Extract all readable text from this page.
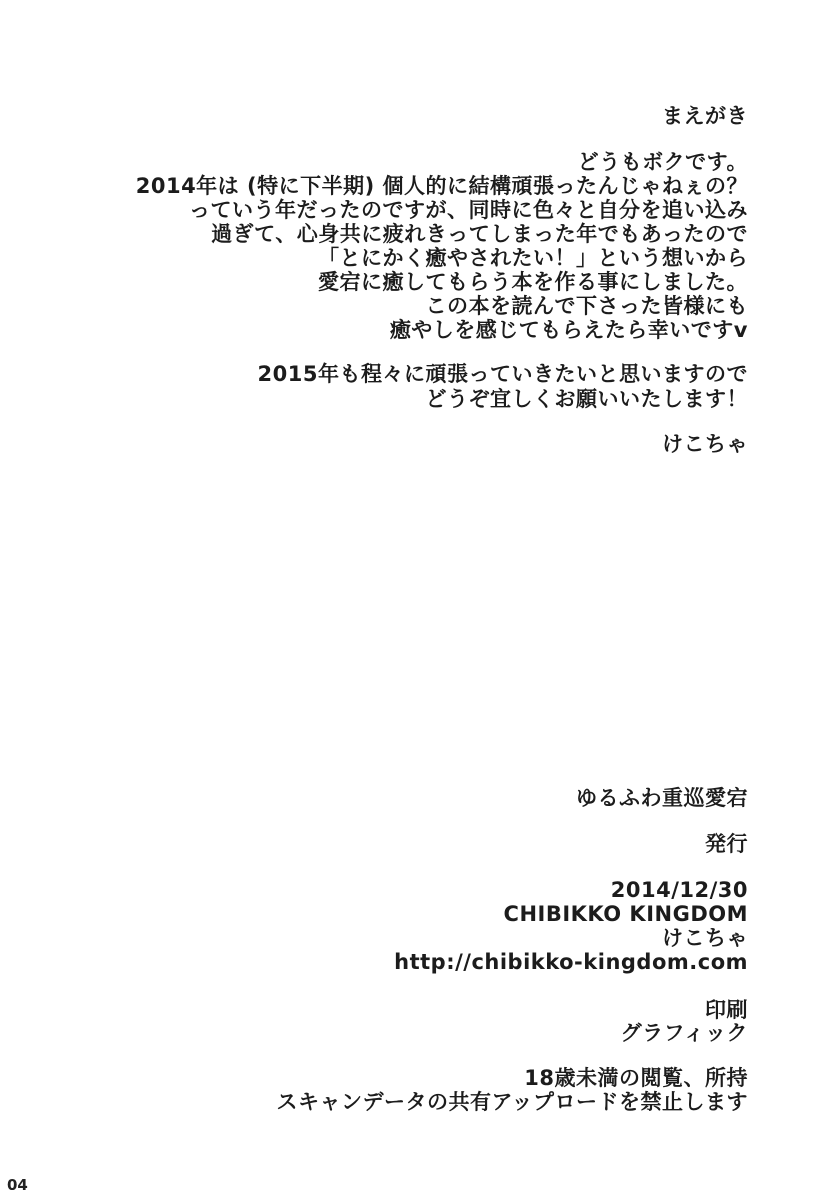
まえがき
どうもボクです。
2014年は (特に下半期) 個人的に結構頑張ったんじゃねぇの？
っていう年だったのですが、同時に色々と自分を追い込み
過ぎて、心身共に疲れきってしまった年でもあったので
「とにかく癒やされたい！」という想いから
愛宕に癒してもらう本を作る事にしました。
この本を読んで下さった皆様にも
癒やしを感じてもらえたら幸いですv
2015年も程々に頑張っていきたいと思いますので
どうぞ宜しくお願いいたします！
けこちゃ
ゆるふわ重巡愛宕
発行
2014/12/30
CHIBIKKO KINGDOM
けこちゃ
http://chibikko-kingdom.com
印刷
グラフィック
18歳未満の閲覧、所持
スキャンデータの共有アップロードを禁止します
04
